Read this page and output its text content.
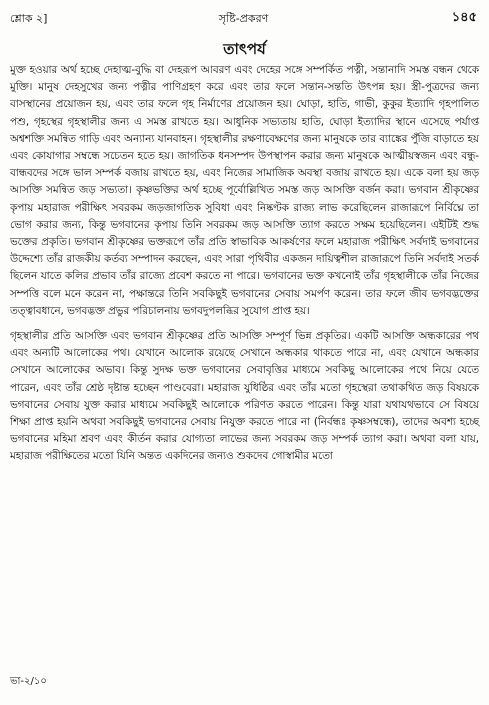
শ্লোক ২]	সৃষ্টি-প্রকরণ	১৪৫
তাৎপর্য

মুক্ত হওয়ার অর্থ হচ্ছে দেহাত্ম-বুদ্ধি বা দেহরূপ আবরণ এবং দেহের সঙ্গে সম্পর্কিত পত্নী, সন্তানাদি সমস্ত বন্ধন থেকে মুক্তি। মানুষ দেহসুখের জন্য পত্নীর পাণিগ্রহণ করে এবং তার ফলে সন্তান-সন্ততি উৎপন্ন হয়। স্ত্রী-পুত্রদের জন্য বাসস্থানের প্রয়োজন হয়, এবং তার ফলে গৃহ নির্মাণের প্রয়োজন হয়। ঘোড়া, হাতি, গাভী, কুকুর ইত্যাদি গৃহপালিত পশু, গৃহস্থের গৃহস্থালীর জন্য এ সমস্ত রাখতে হয়। আধুনিক সভ্যতায় হাতি, ঘোড়া ইত্যাদির স্থানে এসেছে পর্যাপ্ত অশ্বশক্তি সমন্বিত গাড়ি এবং অন্যান্য যানবাহন। গৃহস্থালীর রক্ষণাবেক্ষণের জন্য মানুষকে তার ব্যাঙ্কের পুঁজি বাড়াতে হয় এবং কোযাগার সম্বন্ধে সচেতন হতে হয়। জাগতিক ধনসম্পদ উপস্থাপন করার জন্য মানুষকে আত্মীয়স্বজন এবং বন্ধু-বান্ধবদের সঙ্গে ভাল সম্পর্ক বজায় রাখতে হয়, এবং নিজের সামাজিক অবস্থা বজায় রাখতে হয়। একে বলা হয় জড় আসক্তি সমন্বিত জড় সভ্যতা। কৃষ্ণভক্তির অর্থ হচ্ছে পূর্বোল্লিখিত সমস্ত জড় আসক্তি বর্জন করা। ভগবান শ্রীকৃষ্ণের কৃপায় মহারাজ পরীক্ষিৎ সবরকম জড়জাগতিক সুবিধা এবং নিষ্কণ্টক রাজ্য লাভ করেছিলেন রাজারূপে নির্বিঘ্নে তা ভোগ করার জন্য, কিন্তু ভগবানের কৃপায় তিনি সবরকম জড় আসক্তি ত্যাগ করতে সক্ষম হয়েছিলেন। এইটিই শুদ্ধ ভক্তের প্রকৃতি। ভগবান শ্রীকৃষ্ণের ভক্তরূপে তাঁর প্রতি স্বাভাবিক আকর্ষণের ফলে মহারাজ পরীক্ষিৎ সর্বদাই ভগবানের উদ্দেশ্যে তাঁর রাজকীয় কর্তব্য সম্পাদন করছেন, এবং সারা পৃথিবীর একজন দায়িত্বশীল রাজারূপে তিনি সর্বদাই সতর্ক ছিলেন যাতে কলির প্রভাব তাঁর রাজ্যে প্রবেশ করতে না পারে। ভগবানের ভক্ত কখনোই তাঁর গৃহস্থালীকে তাঁর নিজের সম্পত্তি বলে মনে করেন না, পক্ষান্তরে তিনি সবকিছুই ভগবানের সেবায় সমর্পণ করেন। তার ফলে জীব ভগবদ্ভক্তের তত্ত্বাবধানে, ভগবদ্ভক্ত প্রভুর পরিচালনায় ভগবদুপলব্ধির সুযোগ প্রাপ্ত হয়।

গৃহস্থালীর প্রতি আসক্তি এবং ভগবান শ্রীকৃষ্ণের প্রতি আসক্তি সম্পূর্ণ ভিন্ন প্রকৃতির। একটি আসক্তি অন্ধকারের পথ এবং অন্যটি আলোকের পথ। যেখানে আলোক রয়েছে সেখানে অন্ধকার থাকতে পারে না, এবং যেখানে অন্ধকার সেখানে আলোকের অভাব। কিন্তু সুদক্ষ ভক্ত ভগবানের সেবাবৃত্তির মাধ্যমে সবকিছু আলোকের পথে নিয়ে যেতে পারেন, এবং তাঁর শ্রেষ্ঠ দৃষ্টান্ত হচ্ছেন পাণ্ডবেরা। মহারাজ যুধিষ্ঠির এবং তাঁর মতো গৃহস্থেরা তথাকথিত জড় বিষয়কে ভগবানের সেবায় যুক্ত করার মাধ্যমে সবকিছুই আলোকে পরিণত করতে পারেন। কিন্তু যারা যথাযথভাবে সে বিষয়ে শিক্ষা প্রাপ্ত হয়নি অথবা সবকিছুই ভগবানের সেবায় নিযুক্ত করতে পারে না (নির্বন্ধঃ কৃষ্ণসম্বন্ধে), তাদের অবশ্য হচ্ছে ভগবানের মহিমা শ্রবণ এবং কীর্তন করার যোগ্যতা লাভের জন্য সবরকম জড় সম্পর্ক ত্যাগ করা। অথবা বলা যায়, মহারাজ পরীক্ষিতের মতো যিনি অন্তত একদিনের জন্যও শুকদেব গোস্বামীর মতো

ভা-২/১০
